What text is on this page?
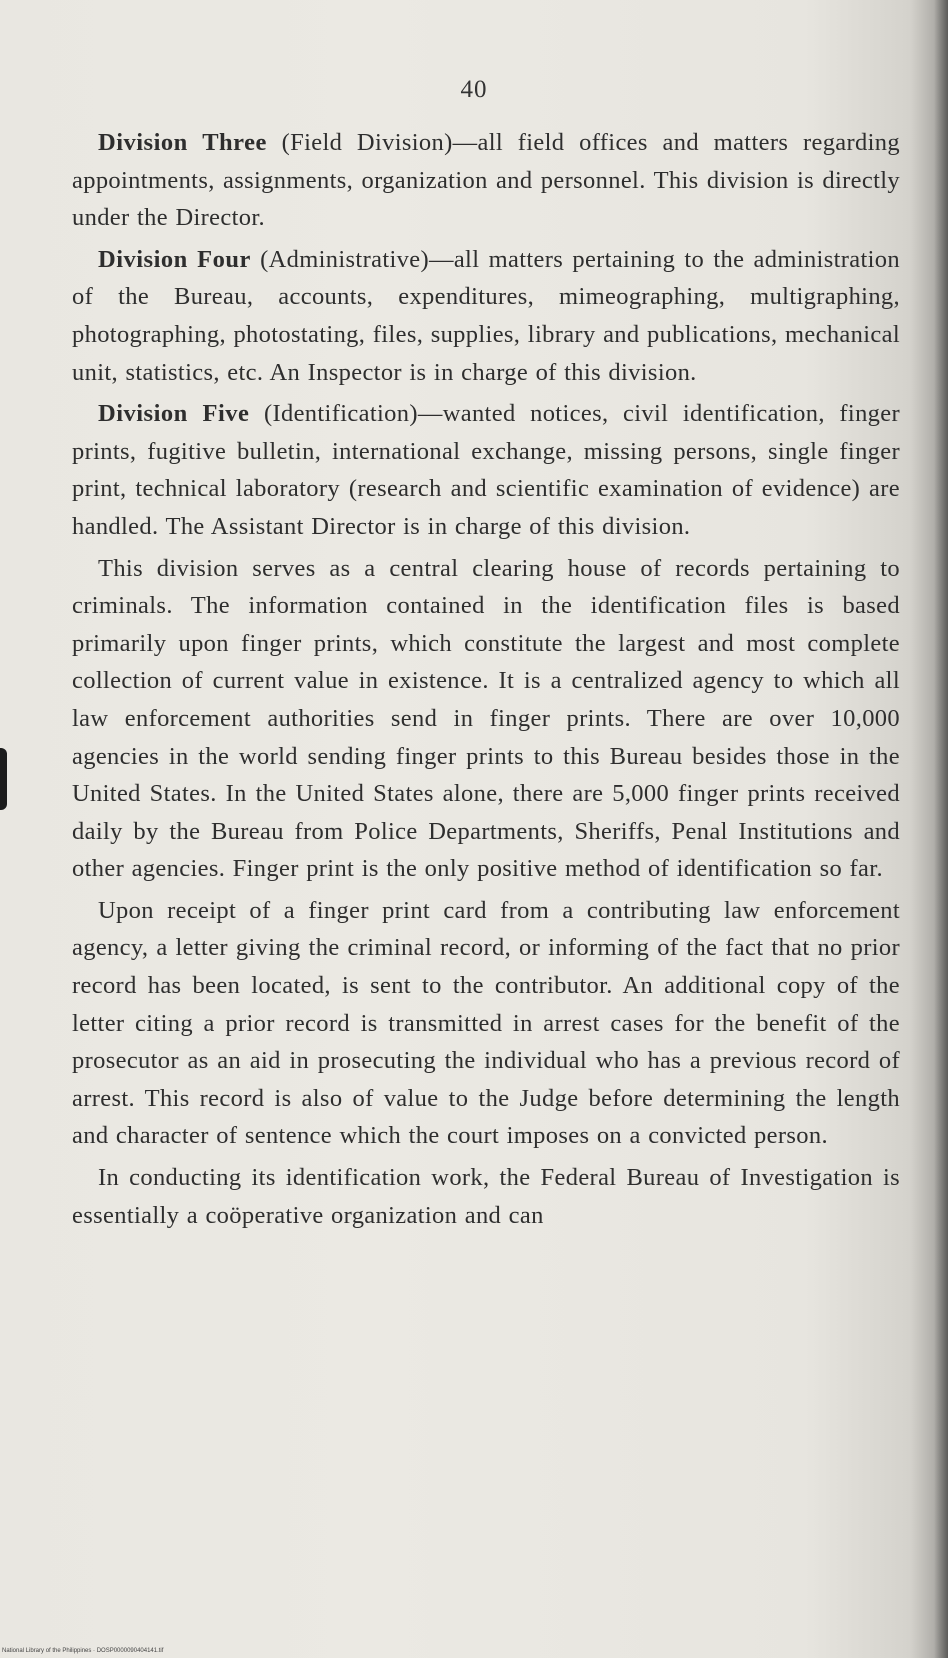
40

Division Three (Field Division)—all field offices and matters regarding appointments, assignments, organization and personnel. This division is directly under the Director.

Division Four (Administrative)—all matters pertaining to the administration of the Bureau, accounts, expenditures, mimeographing, multigraphing, photographing, photostating, files, supplies, library and publications, mechanical unit, statistics, etc. An Inspector is in charge of this division.

Division Five (Identification)—wanted notices, civil identification, finger prints, fugitive bulletin, international exchange, missing persons, single finger print, technical laboratory (research and scientific examination of evidence) are handled. The Assistant Director is in charge of this division.

This division serves as a central clearing house of records pertaining to criminals. The information contained in the identification files is based primarily upon finger prints, which constitute the largest and most complete collection of current value in existence. It is a centralized agency to which all law enforcement authorities send in finger prints. There are over 10,000 agencies in the world sending finger prints to this Bureau besides those in the United States. In the United States alone, there are 5,000 finger prints received daily by the Bureau from Police Departments, Sheriffs, Penal Institutions and other agencies. Finger print is the only positive method of identification so far.

Upon receipt of a finger print card from a contributing law enforcement agency, a letter giving the criminal record, or informing of the fact that no prior record has been located, is sent to the contributor. An additional copy of the letter citing a prior record is transmitted in arrest cases for the benefit of the prosecutor as an aid in prosecuting the individual who has a previous record of arrest. This record is also of value to the Judge before determining the length and character of sentence which the court imposes on a convicted person.

In conducting its identification work, the Federal Bureau of Investigation is essentially a coöperative organization and can

National Library of the Philippines · DOSP0000090404141.tif
